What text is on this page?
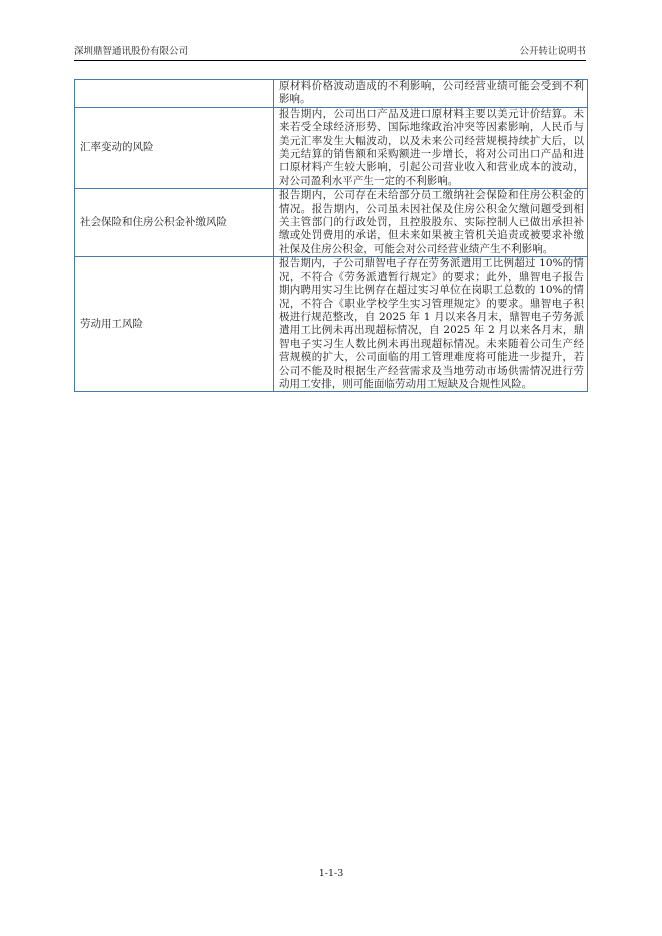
深圳鼎智通讯股份有限公司	公开转让说明书
	原材料价格波动造成的不利影响，公司经营业绩可能会受到不利影响。
汇率变动的风险	报告期内，公司出口产品及进口原材料主要以美元计价结算。未来若受全球经济形势、国际地缘政治冲突等因素影响，人民币与美元汇率发生大幅波动，以及未来公司经营规模持续扩大后，以美元结算的销售额和采购额进一步增长，将对公司出口产品和进口原材料产生较大影响，引起公司营业收入和营业成本的波动，对公司盈利水平产生一定的不利影响。
社会保险和住房公积金补缴风险	报告期内，公司存在未给部分员工缴纳社会保险和住房公积金的情况。报告期内，公司虽未因社保及住房公积金欠缴问题受到相关主管部门的行政处罚，且控股股东、实际控制人已做出承担补缴或处罚费用的承诺，但未来如果被主管机关追责或被要求补缴社保及住房公积金，可能会对公司经营业绩产生不利影响。
劳动用工风险	报告期内，子公司鼎智电子存在劳务派遣用工比例超过 10%的情况，不符合《劳务派遣暂行规定》的要求；此外，鼎智电子报告期内聘用实习生比例存在超过实习单位在岗职工总数的 10%的情况，不符合《职业学校学生实习管理规定》的要求。鼎智电子积极进行规范整改，自 2025 年 1 月以来各月末，鼎智电子劳务派遣用工比例未再出现超标情况，自 2025 年 2 月以来各月末，鼎智电子实习生人数比例未再出现超标情况。未来随着公司生产经营规模的扩大，公司面临的用工管理难度将可能进一步提升，若公司不能及时根据生产经营需求及当地劳动市场供需情况进行劳动用工安排，则可能面临劳动用工短缺及合规性风险。
1-1-3
